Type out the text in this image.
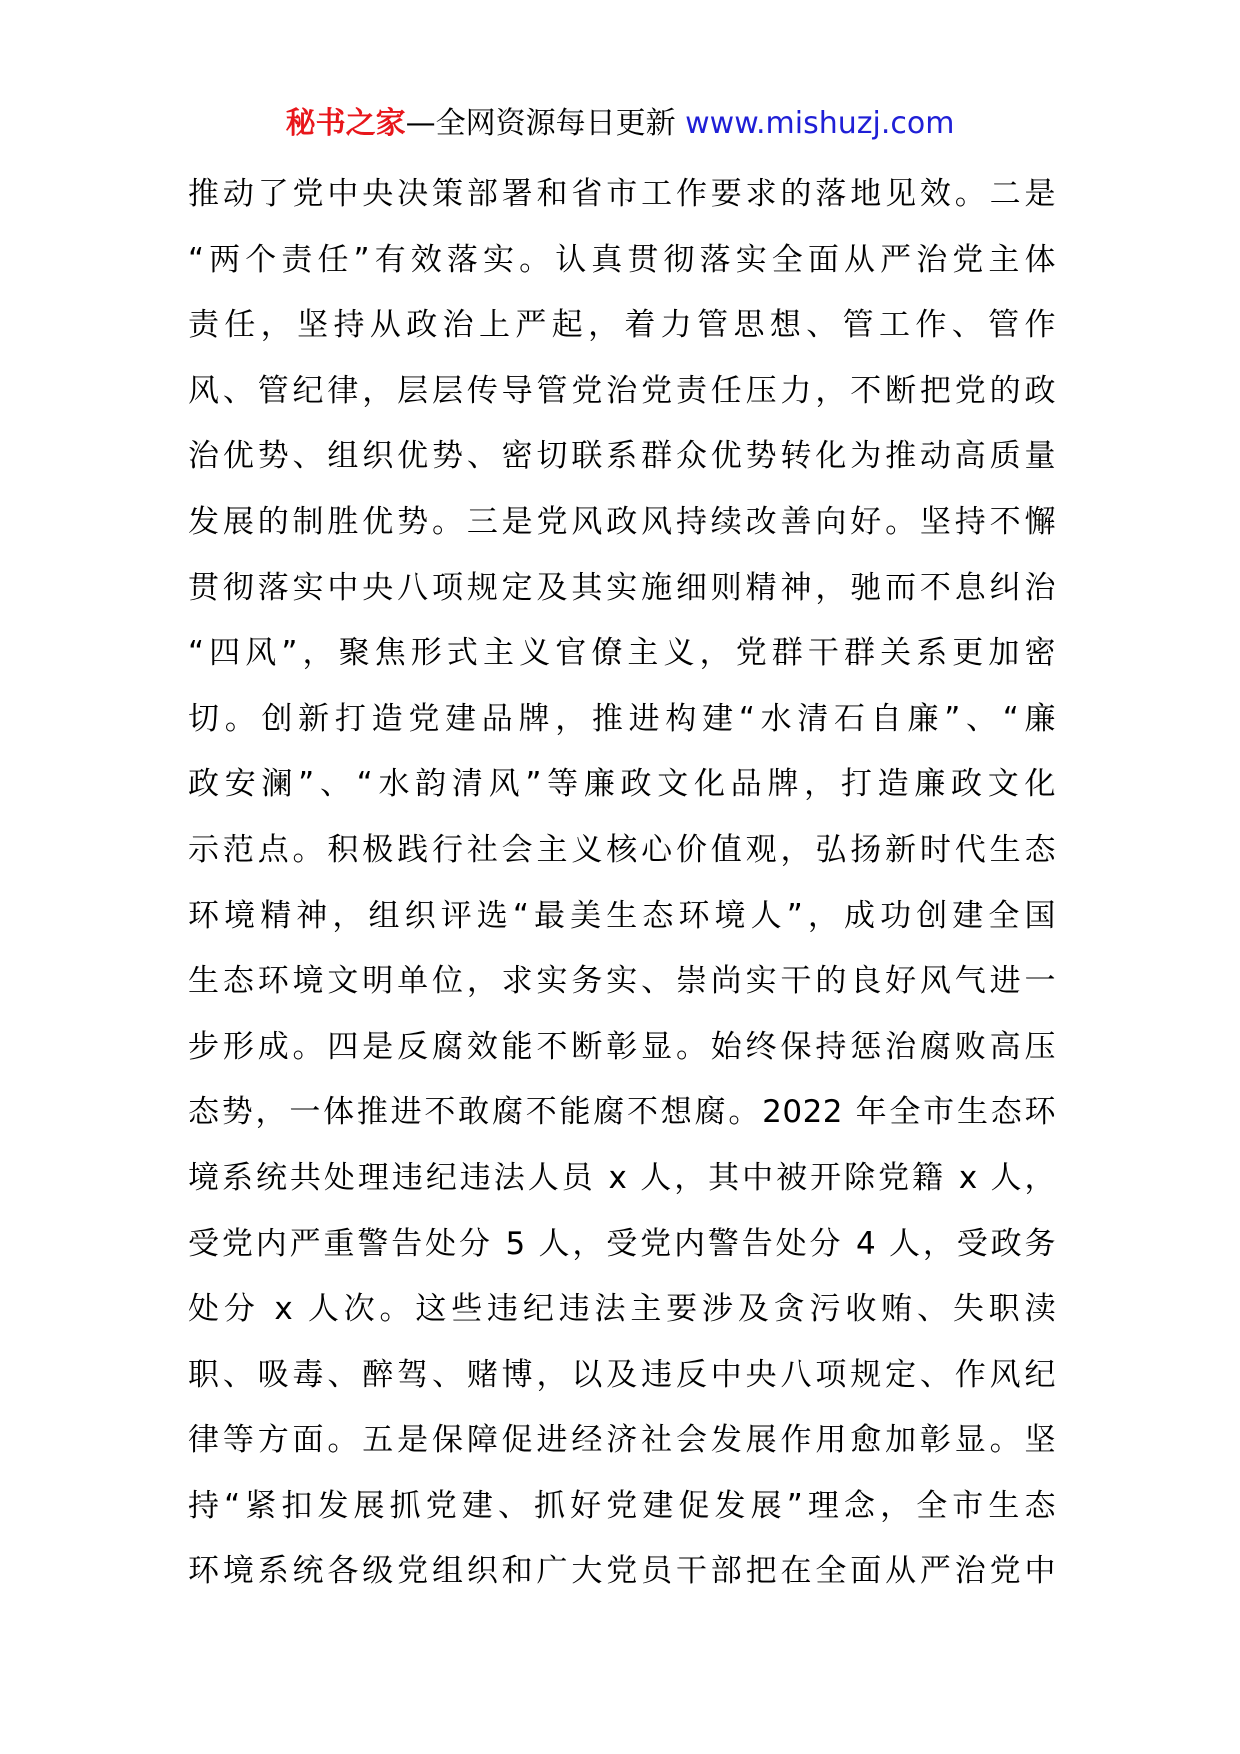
秘书之家—全网资源每日更新 www.mishuzj.com
推动了党中央决策部署和省市工作要求的落地见效。二是
“两个责任”有效落实。认真贯彻落实全面从严治党主体
责任，坚持从政治上严起，着力管思想、管工作、管作
风、管纪律，层层传导管党治党责任压力，不断把党的政
治优势、组织优势、密切联系群众优势转化为推动高质量
发展的制胜优势。三是党风政风持续改善向好。坚持不懈
贯彻落实中央八项规定及其实施细则精神，驰而不息纠治
“四风”，聚焦形式主义官僚主义，党群干群关系更加密
切。创新打造党建品牌，推进构建“水清石自廉”、“廉
政安澜”、“水韵清风”等廉政文化品牌，打造廉政文化
示范点。积极践行社会主义核心价值观，弘扬新时代生态
环境精神，组织评选“最美生态环境人”，成功创建全国
生态环境文明单位，求实务实、崇尚实干的良好风气进一
步形成。四是反腐效能不断彰显。始终保持惩治腐败高压
态势，一体推进不敢腐不能腐不想腐。2022 年全市生态环
境系统共处理违纪违法人员 x 人，其中被开除党籍 x 人，
受党内严重警告处分 5 人，受党内警告处分 4 人，受政务
处分 x 人次。这些违纪违法主要涉及贪污收贿、失职渎
职、吸毒、醉驾、赌博，以及违反中央八项规定、作风纪
律等方面。五是保障促进经济社会发展作用愈加彰显。坚
持“紧扣发展抓党建、抓好党建促发展”理念，全市生态
环境系统各级党组织和广大党员干部把在全面从严治党中
